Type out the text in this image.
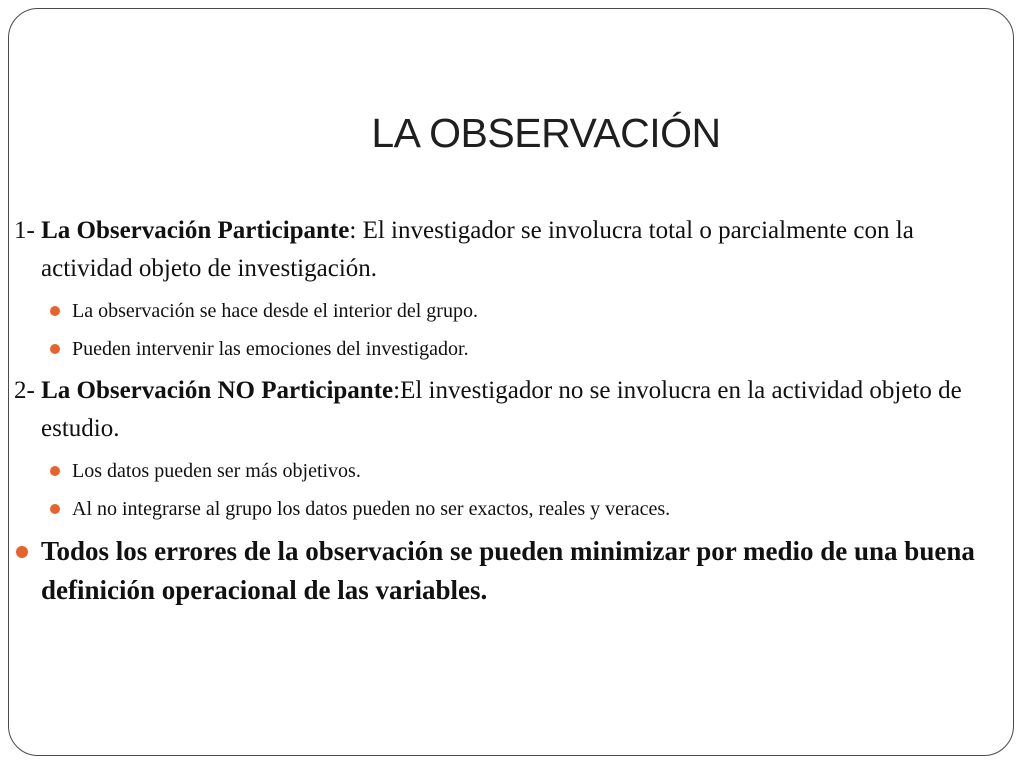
LA OBSERVACIÓN

1- La Observación Participante: El investigador se involucra total o parcialmente con la actividad objeto de investigación.

La observación se hace desde el interior del grupo.
Pueden intervenir las emociones del investigador.

2- La Observación NO Participante:El investigador no se involucra en la actividad objeto de estudio.

Los datos pueden ser más objetivos.
Al no integrarse al grupo los datos pueden no ser exactos, reales y veraces.
Todos los errores de la observación se pueden minimizar por medio de una buena definición operacional de las variables.
